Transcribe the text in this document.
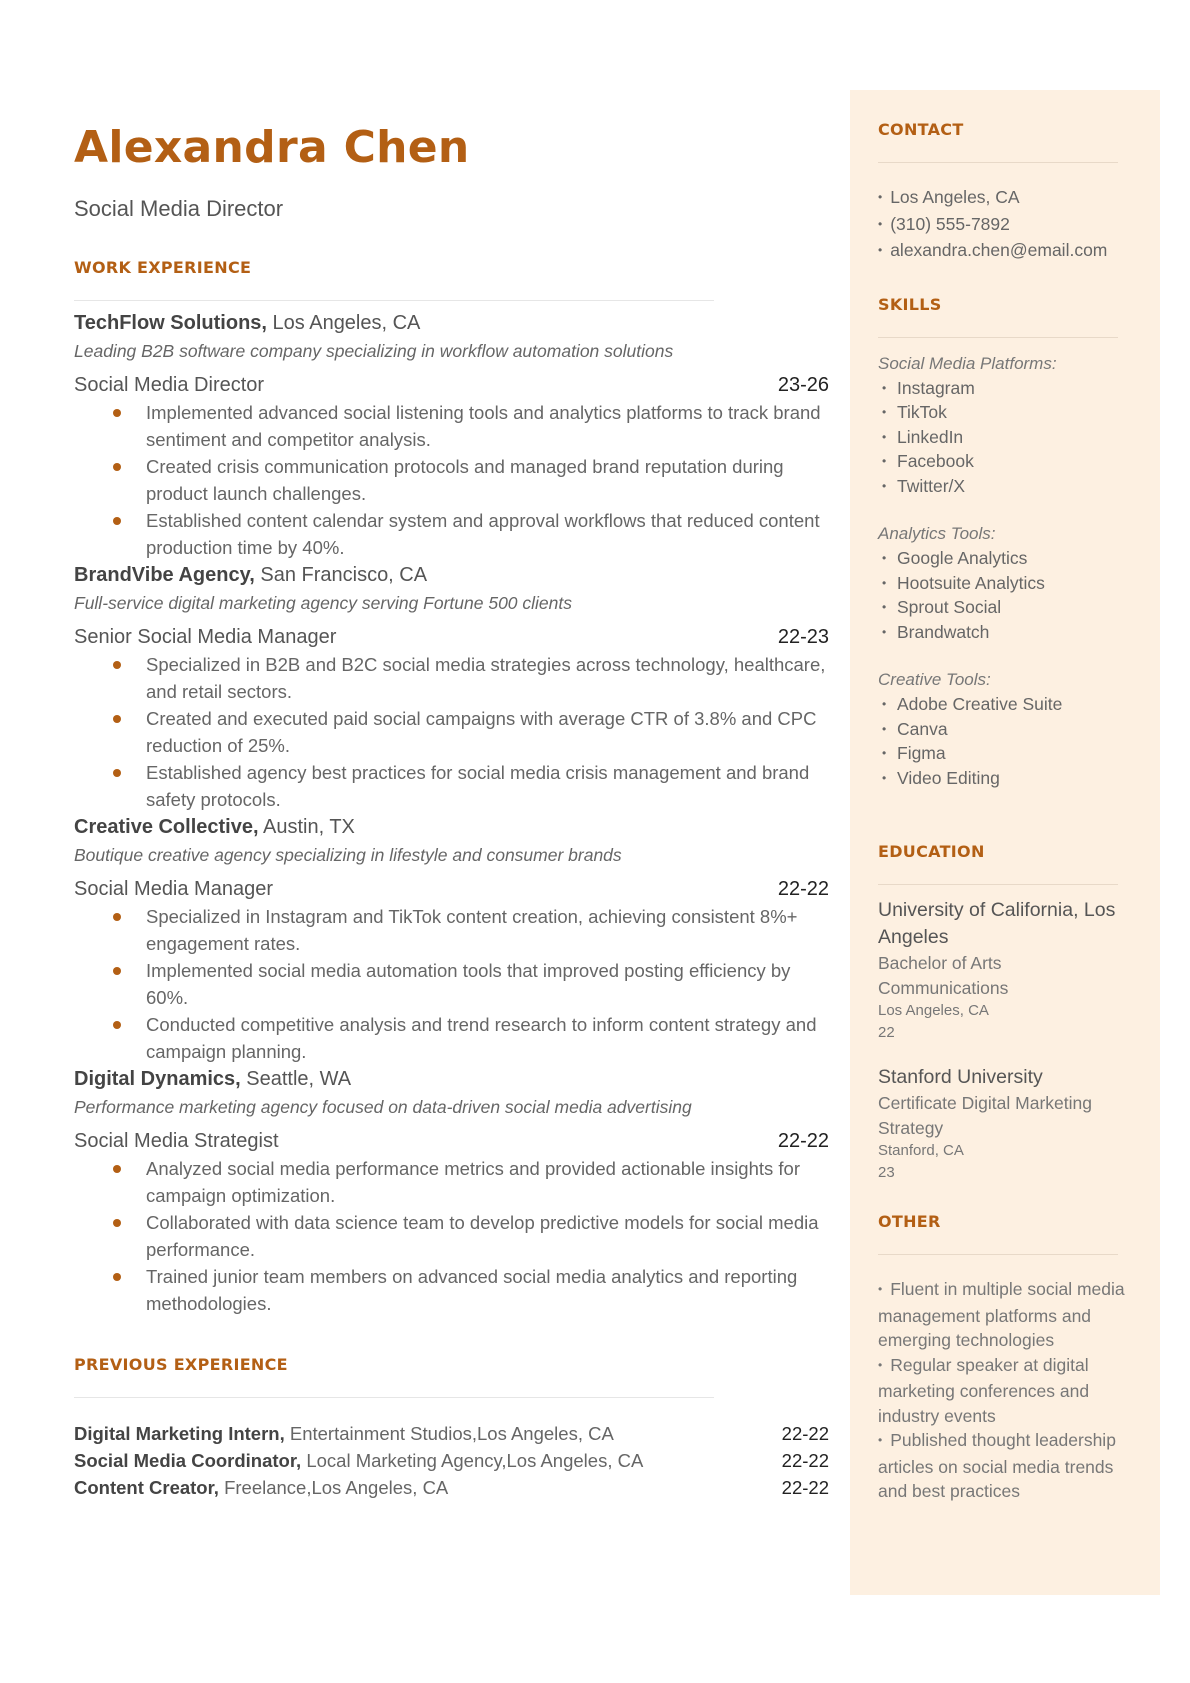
Alexandra Chen
Social Media Director
WORK EXPERIENCE
TechFlow Solutions, Los Angeles, CA
Leading B2B software company specializing in workflow automation solutions
Social Media Director	23-26
Implemented advanced social listening tools and analytics platforms to track brand sentiment and competitor analysis.
Created crisis communication protocols and managed brand reputation during product launch challenges.
Established content calendar system and approval workflows that reduced content production time by 40%.
BrandVibe Agency, San Francisco, CA
Full-service digital marketing agency serving Fortune 500 clients
Senior Social Media Manager	22-23
Specialized in B2B and B2C social media strategies across technology, healthcare, and retail sectors.
Created and executed paid social campaigns with average CTR of 3.8% and CPC reduction of 25%.
Established agency best practices for social media crisis management and brand safety protocols.
Creative Collective, Austin, TX
Boutique creative agency specializing in lifestyle and consumer brands
Social Media Manager	22-22
Specialized in Instagram and TikTok content creation, achieving consistent 8%+ engagement rates.
Implemented social media automation tools that improved posting efficiency by 60%.
Conducted competitive analysis and trend research to inform content strategy and campaign planning.
Digital Dynamics, Seattle, WA
Performance marketing agency focused on data-driven social media advertising
Social Media Strategist	22-22
Analyzed social media performance metrics and provided actionable insights for campaign optimization.
Collaborated with data science team to develop predictive models for social media performance.
Trained junior team members on advanced social media analytics and reporting methodologies.
PREVIOUS EXPERIENCE
Digital Marketing Intern, Entertainment Studios,Los Angeles, CA	22-22
Social Media Coordinator, Local Marketing Agency,Los Angeles, CA	22-22
Content Creator, Freelance,Los Angeles, CA	22-22
CONTACT
• Los Angeles, CA
• (310) 555-7892
• alexandra.chen@email.com
SKILLS
Social Media Platforms:
• Instagram
• TikTok
• LinkedIn
• Facebook
• Twitter/X
Analytics Tools:
• Google Analytics
• Hootsuite Analytics
• Sprout Social
• Brandwatch
Creative Tools:
• Adobe Creative Suite
• Canva
• Figma
• Video Editing
EDUCATION
University of California, Los Angeles
Bachelor of Arts Communications
Los Angeles, CA
22
Stanford University
Certificate Digital Marketing Strategy
Stanford, CA
23
OTHER
• Fluent in multiple social media management platforms and emerging technologies
• Regular speaker at digital marketing conferences and industry events
• Published thought leadership articles on social media trends and best practices
